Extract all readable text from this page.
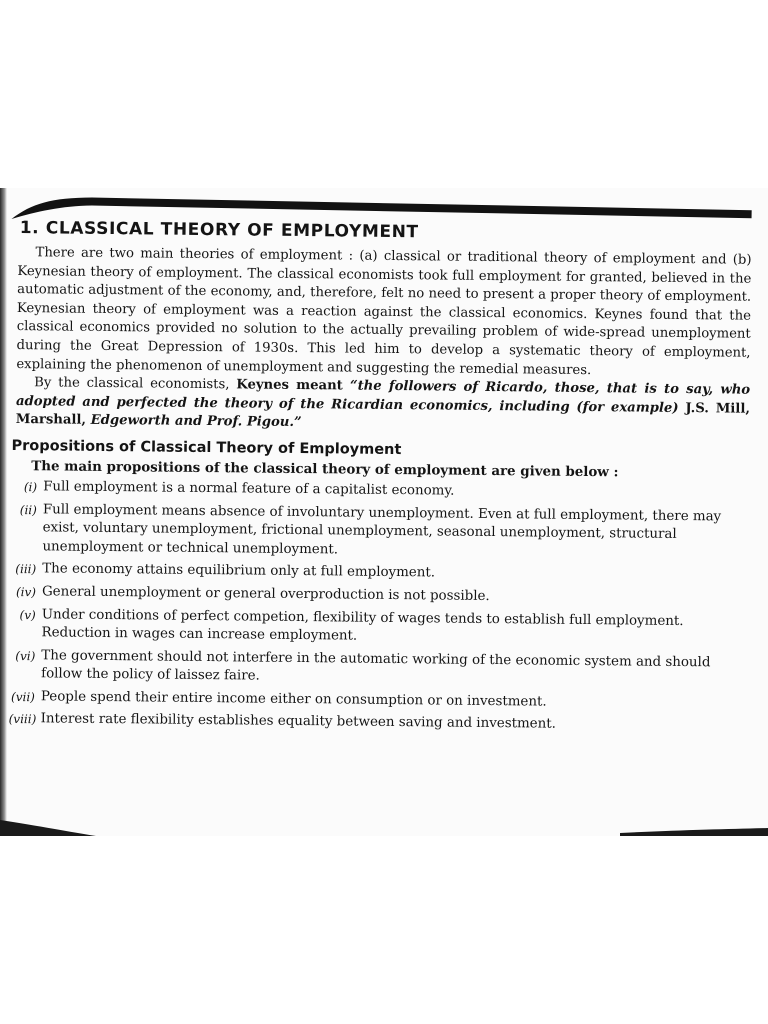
1. CLASSICAL THEORY OF EMPLOYMENT

There are two main theories of employment : (a) classical or traditional theory of employment and (b) Keynesian theory of employment. The classical economists took full employment for granted, believed in the automatic adjustment of the economy, and, therefore, felt no need to present a proper theory of employment. Keynesian theory of employment was a reaction against the classical economics. Keynes found that the classical economics provided no solution to the actually prevailing problem of wide-spread unemployment during the Great Depression of 1930s. This led him to develop a systematic theory of employment, explaining the phenomenon of unemployment and suggesting the remedial measures.

By the classical economists, Keynes meant “the followers of Ricardo, those, that is to say, who adopted and perfected the theory of the Ricardian economics, including (for example) J.S. Mill, Marshall, Edgeworth and Prof. Pigou.”

Propositions of Classical Theory of Employment
The main propositions of the classical theory of employment are given below :
(i) Full employment is a normal feature of a capitalist economy.
(ii) Full employment means absence of involuntary unemployment. Even at full employment, there may exist, voluntary unemployment, frictional unemployment, seasonal unemployment, structural unemployment or technical unemployment.
(iii) The economy attains equilibrium only at full employment.
(iv) General unemployment or general overproduction is not possible.
(v) Under conditions of perfect competion, flexibility of wages tends to establish full employment. Reduction in wages can increase employment.
(vi) The government should not interfere in the automatic working of the economic system and should follow the policy of laissez faire.
(vii) People spend their entire income either on consumption or on investment.
(viii) Interest rate flexibility establishes equality between saving and investment.
